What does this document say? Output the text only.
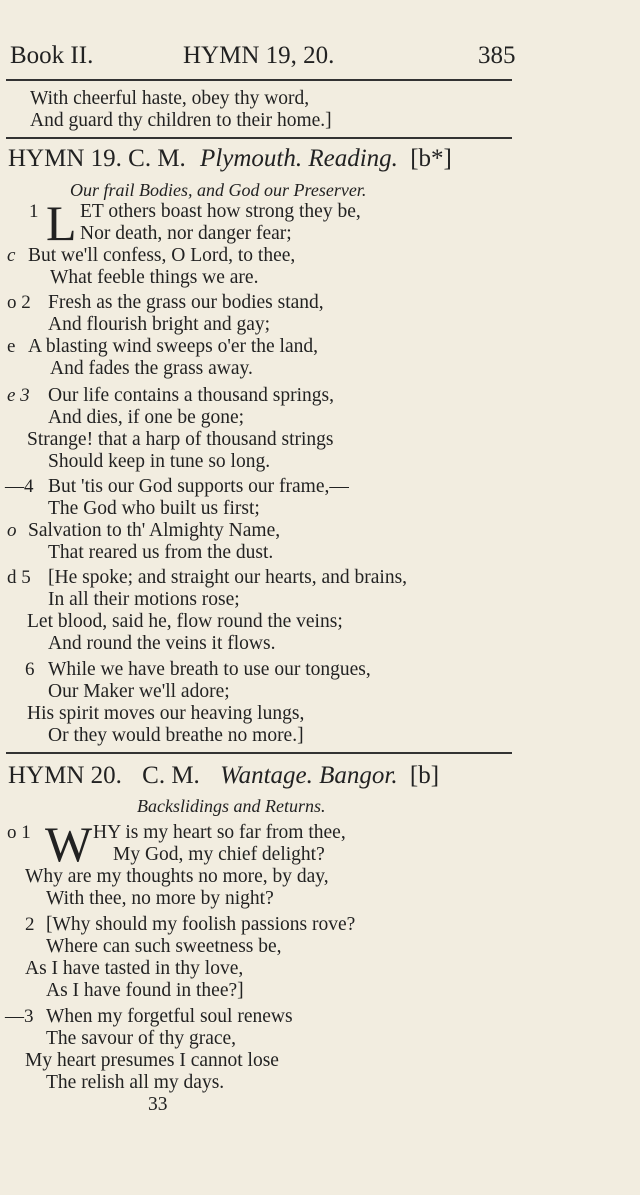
Book II.	HYMN 19, 20.	385
With cheerful haste, obey thy word,
And guard thy children to their home.]
HYMN 19. C. M. Plymouth. Reading. [b*]
Our frail Bodies, and God our Preserver.
1 L ET others boast how strong they be,
Nor death, nor danger fear;
c But we'll confess, O Lord, to thee,
What feeble things we are.
o 2 Fresh as the grass our bodies stand,
And flourish bright and gay;
e A blasting wind sweeps o'er the land,
And fades the grass away.
e 3 Our life contains a thousand springs,
And dies, if one be gone;
Strange! that a harp of thousand strings
Should keep in tune so long.
—4 But 'tis our God supports our frame,—
The God who built us first;
o Salvation to th' Almighty Name,
That reared us from the dust.
d 5 [He spoke; and straight our hearts, and brains,
In all their motions rose;
Let blood, said he, flow round the veins;
And round the veins it flows.
6 While we have breath to use our tongues,
Our Maker we'll adore;
His spirit moves our heaving lungs,
Or they would breathe no more.]
HYMN 20. C. M. Wantage. Bangor. [b]
Backslidings and Returns.
o 1 W HY is my heart so far from thee,
My God, my chief delight?
Why are my thoughts no more, by day,
With thee, no more by night?
2 [Why should my foolish passions rove?
Where can such sweetness be,
As I have tasted in thy love,
As I have found in thee?]
—3 When my forgetful soul renews
The savour of thy grace,
My heart presumes I cannot lose
The relish all my days.
33
